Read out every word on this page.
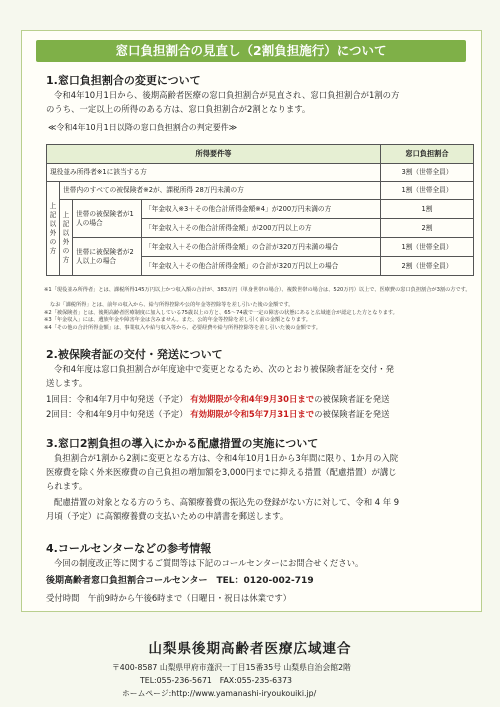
窓口負担割合の見直し（2割負担施行）について
1.窓口負担割合の変更について
令和4年10月1日から、後期高齢者医療の窓口負担割合が見直され、窓口負担割合が1割の方
のうち、一定以上の所得のある方は、窓口負担割合が2割となります。
≪令和4年10月1日以降の窓口負担割合の判定要件≫
所得要件等				窓口負担割合
現役並み所得者※1に該当する方				3割（世帯全員）
上記以外の方	世帯内のすべての被保険者※2が、課税所得 28万円未満の方			1割（世帯全員）
	上記以外の方	世帯の被保険者が1人の場合	「年金収入※3＋その他合計所得金額※4」が200万円未満の方	1割
			「年金収入＋その他合計所得金額」が200万円以上の方	2割
		世帯に被保険者が2人以上の場合	「年金収入＋その他合計所得金額」の合計が320万円未満の場合	1割（世帯全員）
			「年金収入＋その他合計所得金額」の合計が320万円以上の場合	2割（世帯全員）
※1「現役並み所得者」とは、課税所得145万円以上かつ収入額の合計が、383万円（単身世帯の場合）、複数世帯の場合は、520万円）以上で、医療費の窓口負担割合が3割の方です。
なお「課税所得」とは、前年の収入から、給与所得控除や公的年金等控除等を差し引いた後の金額です。
※2「被保険者」とは、後期高齢者医療制度に加入している75歳以上の方と、65～74歳で一定の障害の状態にあると広域連合が認定した方となります。
※3「年金収入」には、遺族年金や障害年金は含みません。また、公的年金等控除を差し引く前の金額となります。
※4「その他の合計所得金額」は、事業収入や給与収入等から、必要経費や給与所得控除等を差し引いた後の金額です。
2.被保険者証の交付・発送について
令和4年度は窓口負担割合が年度途中で変更となるため、次のとおり被保険者証を交付・発
送します。
1回目：令和4年7月中旬発送（予定） 有効期限が令和4年9月30日までの被保険者証を発送
2回目：令和4年9月中旬発送（予定） 有効期限が令和5年7月31日までの被保険者証を発送
3.窓口2割負担の導入にかかる配慮措置の実施について
負担割合が1割から2割に変更となる方は、令和4年10月1日から3年間に限り、1か月の入院
医療費を除く外来医療費の自己負担の増加額を3,000円までに抑える措置（配慮措置）が講じ
られます。
配慮措置の対象となる方のうち、高額療養費の振込先の登録がない方に対して、令和 4 年 9
月頃（予定）に高額療養費の支払いための申請書を郵送します。
4.コールセンターなどの参考情報
今回の制度改正等に関するご質問等は下記のコールセンターにお問合せください。
後期高齢者窓口負担割合コールセンター　TEL：0120-002-719
受付時間　 午前9時から午後6時まで（日曜日・祝日は休業です）
山梨県後期高齢者医療広域連合
〒400-8587 山梨県甲府市蓬沢一丁目15番35号 山梨県自治会館2階
TEL:055-236-5671　FAX:055-235-6373
ホームページ:http://www.yamanashi-iryoukouiki.jp/
